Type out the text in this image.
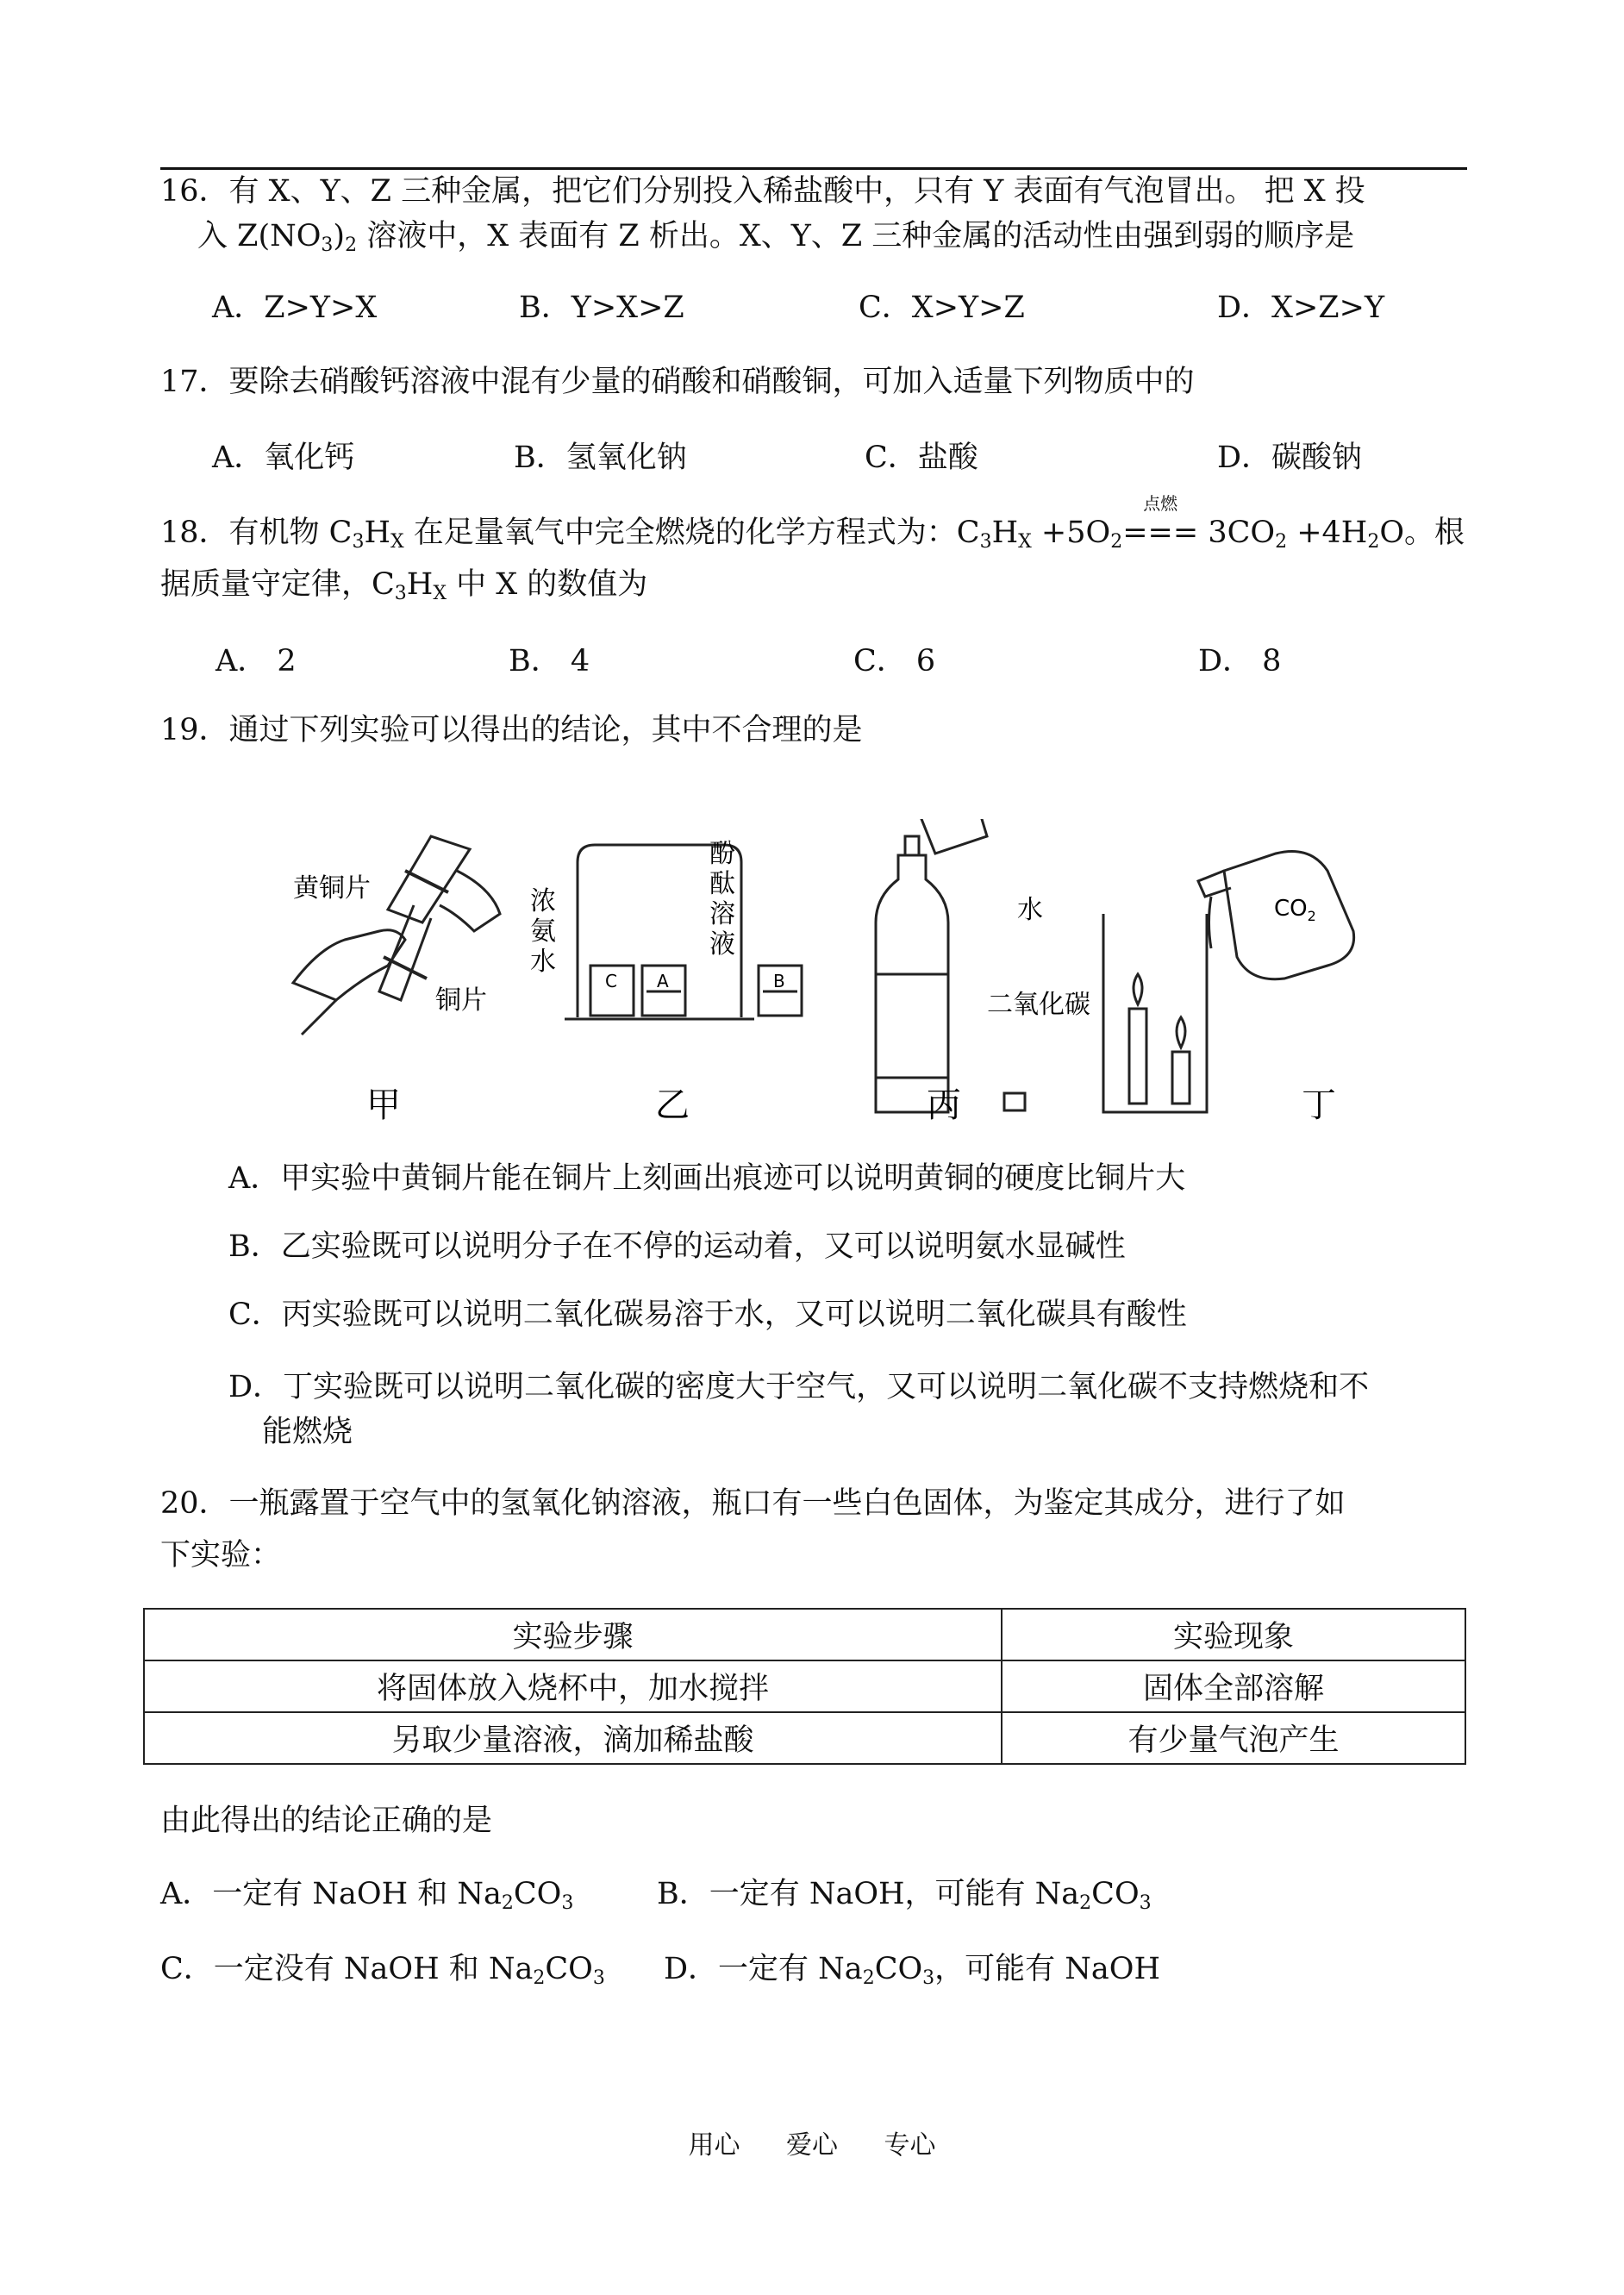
16．有 X、Y、Z 三种金属，把它们分别投入稀盐酸中，只有 Y 表面有气泡冒出。 把 X 投
入 $Z(NO_3)_2$ 溶液中，X 表面有 Z 析出。X、Y、Z 三种金属的活动性由强到弱的顺序是
A．Z>Y>X	B．Y>X>Z	C．X>Y>Z	D．X>Z>Y
17．要除去硝酸钙溶液中混有少量的硝酸和硝酸铜，可加入适量下列物质中的
A．氧化钙	B．氢氧化钠	C．盐酸	D．碳酸钠
18．有机物 $C_3H_X$ 在足量氧气中完全燃烧的化学方程式为：$C_3H_X +5O_2$
点燃
=== $3CO_2 +4H_2O$。根
据质量守定律，$C_3H_X$ 中 X 的数值为
A． 2	B． 4	C． 6	D． 8
19．通过下列实验可以得出的结论，其中不合理的是
黄铜片
铜片
浓
氨
水
酚
酞
溶
液
C A	B
水
二氧化碳
$CO_2$
甲	乙	丙	丁
A．甲实验中黄铜片能在铜片上刻画出痕迹可以说明黄铜的硬度比铜片大
B．乙实验既可以说明分子在不停的运动着，又可以说明氨水显碱性
C．丙实验既可以说明二氧化碳易溶于水，又可以说明二氧化碳具有酸性
D．丁实验既可以说明二氧化碳的密度大于空气，又可以说明二氧化碳不支持燃烧和不
能燃烧
20．一瓶露置于空气中的氢氧化钠溶液，瓶口有一些白色固体，为鉴定其成分，进行了如
下实验：
实验步骤	实验现象
将固体放入烧杯中，加水搅拌	固体全部溶解
另取少量溶液，滴加稀盐酸	有少量气泡产生
由此得出的结论正确的是
A．一定有 NaOH 和 $Na_2CO_3$	B．一定有 NaOH，可能有 $Na_2CO_3$
C．一定没有 NaOH 和 $Na_2CO_3$ D．一定有 $Na_2CO_3$，可能有 NaOH
用心 爱心 专心
